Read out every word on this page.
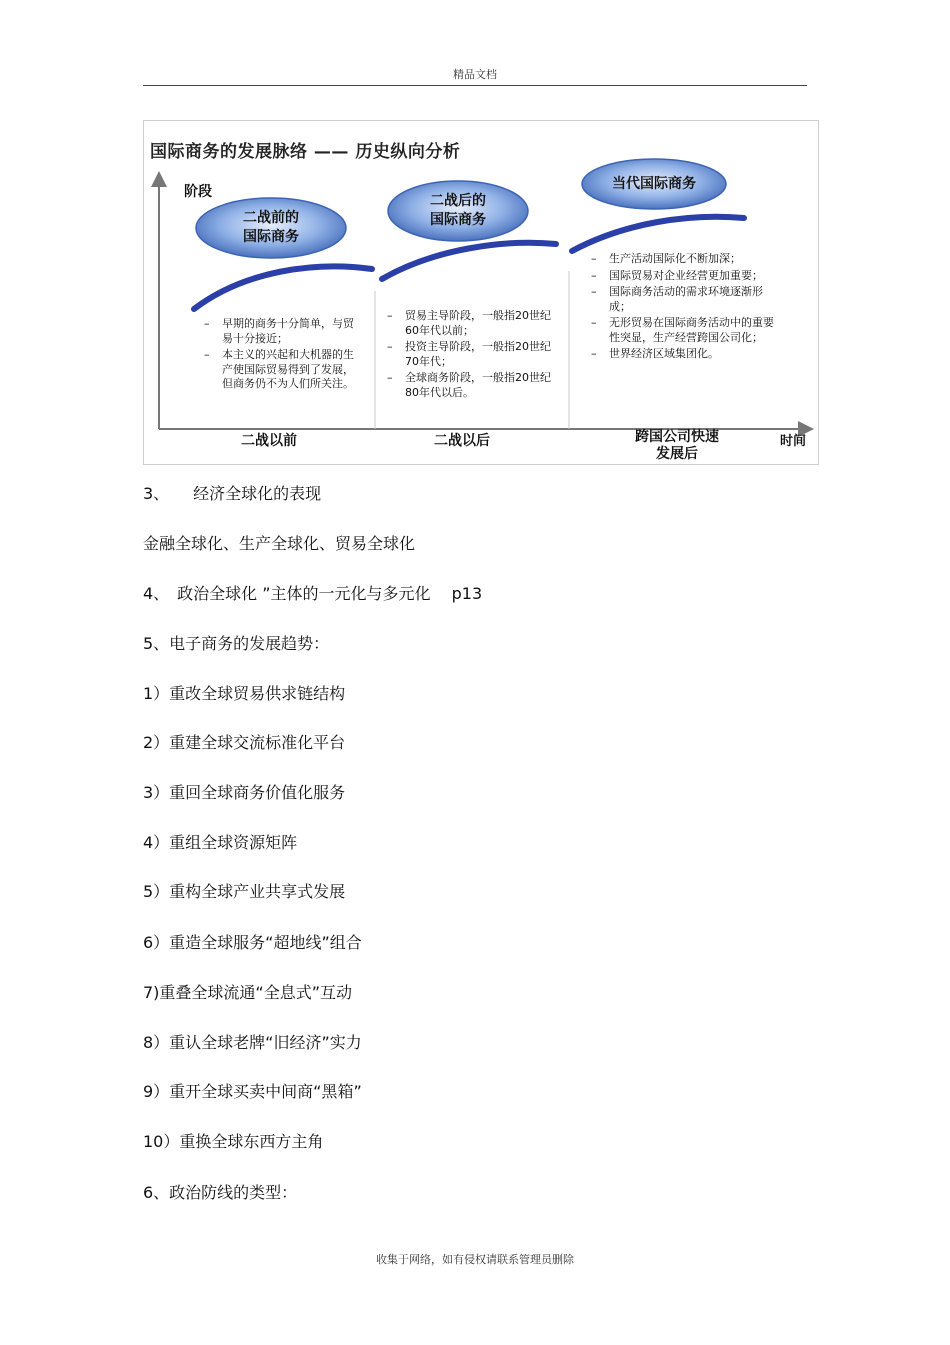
精品文档
国际商务的发展脉络 —— 历史纵向分析
阶段
时间
二战前的
国际商务
二战后的
国际商务
当代国际商务
– 早期的商务十分简单，与贸易十分接近；
– 本主义的兴起和大机器的生产使国际贸易得到了发展，但商务仍不为人们所关注。
– 贸易主导阶段，一般指20世纪60年代以前；
– 投资主导阶段，一般指20世纪70年代；
– 全球商务阶段，一般指20世纪80年代以后。
– 生产活动国际化不断加深；
– 国际贸易对企业经营更加重要；
– 国际商务活动的需求环境逐渐形成；
– 无形贸易在国际商务活动中的重要性突显，生产经营跨国公司化；
– 世界经济区域集团化。
二战以前	二战以后	跨国公司快速
发展后
3、　　经济全球化的表现
金融全球化、生产全球化、贸易全球化
4、　政治全球化 ”主体的一元化与多元化　 p13
5、电子商务的发展趋势：
1）重改全球贸易供求链结构
2）重建全球交流标准化平台
3）重回全球商务价值化服务
4）重组全球资源矩阵
5）重构全球产业共享式发展
6）重造全球服务“超地线”组合
7)重叠全球流通“全息式”互动
8）重认全球老牌“旧经济”实力
9）重开全球买卖中间商“黑箱”
10）重换全球东西方主角
6、政治防线的类型：
收集于网络，如有侵权请联系管理员删除
